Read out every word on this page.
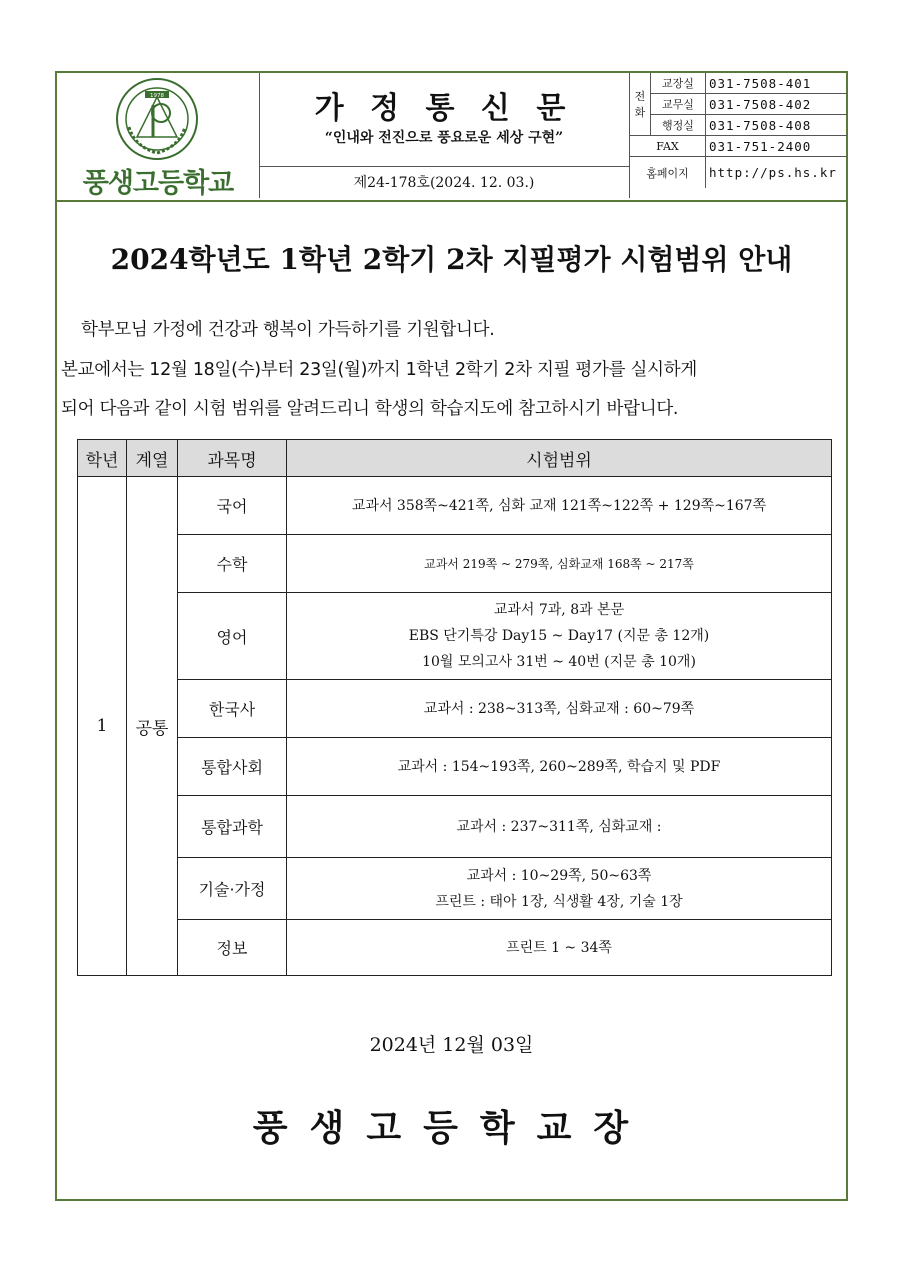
1978
풍생고등학교
가 정 통 신 문
“인내와 전진으로 풍요로운 세상 구현”
제24-178호(2024. 12. 03.)
전화	교장실	031-7508-401
	교무실	031-7508-402
	행정실	031-7508-408
FAX		031-751-2400
홈페이지		http://ps.hs.kr
2024학년도 1학년 2학기 2차 지필평가 시험범위 안내
학부모님 가정에 건강과 행복이 가득하기를 기원합니다.
본교에서는 12월 18일(수)부터 23일(월)까지 1학년 2학기 2차 지필 평가를 실시하게
되어 다음과 같이 시험 범위를 알려드리니 학생의 학습지도에 참고하시기 바랍니다.
학년	계열	과목명	시험범위
1	공통	국어	교과서 358쪽~421쪽, 심화 교재 121쪽~122쪽 + 129쪽~167쪽

		수학	교과서 219쪽 ~ 279쪽, 심화교재 168쪽 ~ 217쪽

		영어	교과서 7과, 8과 본문
EBS 단기특강 Day15 ~ Day17 (지문 총 12개)
10월 모의고사 31번 ~ 40번 (지문 총 10개)

		한국사	교과서 : 238~313쪽, 심화교재 : 60~79쪽

		통합사회	교과서 : 154~193쪽, 260~289쪽, 학습지 및 PDF

		통합과학	교과서 : 237~311쪽, 심화교재 :

		기술·가정	교과서 : 10~29쪽, 50~63쪽
프린트 : 태아 1장, 식생활 4장, 기술 1장

		정보	프린트 1 ~ 34쪽
2024년 12월 03일
풍생고등학교장
